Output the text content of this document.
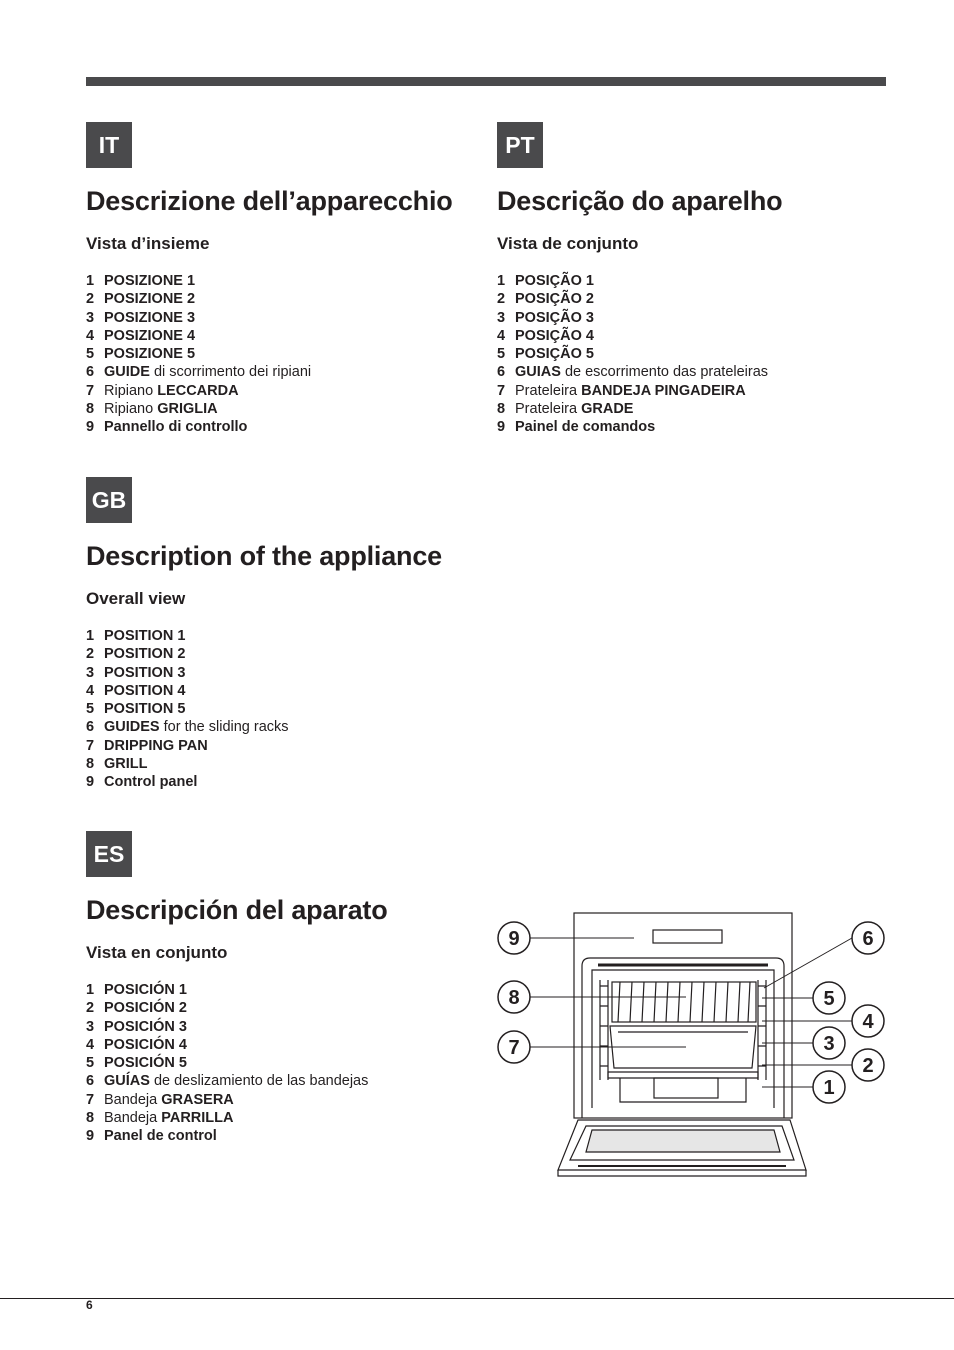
IT
Descrizione dell’apparecchio
Vista d’insieme
1 POSIZIONE 1
2 POSIZIONE 2
3 POSIZIONE 3
4 POSIZIONE 4
5 POSIZIONE 5
6 GUIDE di scorrimento dei ripiani
7 Ripiano LECCARDA
8 Ripiano GRIGLIA
9 Pannello di controllo
PT
Descrição do aparelho
Vista de conjunto
1 POSIÇÃO 1
2 POSIÇÃO 2
3 POSIÇÃO 3
4 POSIÇÃO 4
5 POSIÇÃO 5
6 GUIAS de escorrimento das prateleiras
7 Prateleira BANDEJA PINGADEIRA
8 Prateleira GRADE
9 Painel de comandos
GB
Description of the appliance
Overall view
1 POSITION 1
2 POSITION 2
3 POSITION 3
4 POSITION 4
5 POSITION 5
6 GUIDES for the sliding racks
7 DRIPPING PAN
8 GRILL
9 Control panel
ES
Descripción del aparato
Vista en conjunto
1 POSICIÓN 1
2 POSICIÓN 2
3 POSICIÓN 3
4 POSICIÓN 4
5 POSICIÓN 5
6 GUÍAS de deslizamiento de las bandejas
7 Bandeja GRASERA
8 Bandeja PARRILLA
9 Panel de control
9
8
7
6
5
4
3
2
1
6
